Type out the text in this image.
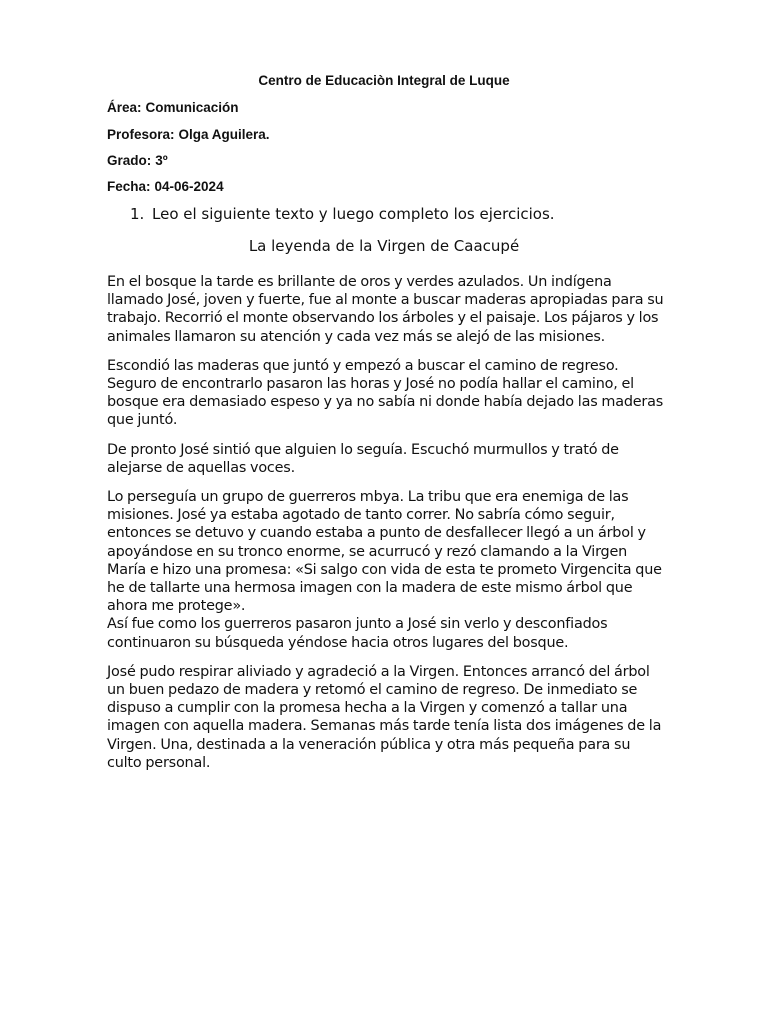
Centro de Educaciòn Integral de Luque
Área: Comunicación
Profesora: Olga Aguilera.
Grado: 3º
Fecha: 04-06-2024
1. Leo el siguiente texto y luego completo los ejercicios.
La leyenda de la Virgen de Caacupé

En el bosque la tarde es brillante de oros y verdes azulados. Un indígena llamado José, joven y fuerte, fue al monte a buscar maderas apropiadas para su trabajo. Recorrió el monte observando los árboles y el paisaje. Los pájaros y los animales llamaron su atención y cada vez más se alejó de las misiones.

Escondió las maderas que juntó y empezó a buscar el camino de regreso. Seguro de encontrarlo pasaron las horas y José no podía hallar el camino, el bosque era demasiado espeso y ya no sabía ni donde había dejado las maderas que juntó.

De pronto José sintió que alguien lo seguía. Escuchó murmullos y trató de alejarse de aquellas voces.

Lo perseguía un grupo de guerreros mbya. La tribu que era enemiga de las misiones. José ya estaba agotado de tanto correr. No sabría cómo seguir, entonces se detuvo y cuando estaba a punto de desfallecer llegó a un árbol y apoyándose en su tronco enorme, se acurrucó y rezó clamando a la Virgen María e hizo una promesa: «Si salgo con vida de esta te prometo Virgencita que he de tallarte una hermosa imagen con la madera de este mismo árbol que ahora me protege».

Así fue como los guerreros pasaron junto a José sin verlo y desconfiados continuaron su búsqueda yéndose hacia otros lugares del bosque.

José pudo respirar aliviado y agradeció a la Virgen. Entonces arrancó del árbol un buen pedazo de madera y retomó el camino de regreso. De inmediato se dispuso a cumplir con la promesa hecha a la Virgen y comenzó a tallar una imagen con aquella madera. Semanas más tarde tenía lista dos imágenes de la Virgen. Una, destinada a la veneración pública y otra más pequeña para su culto personal.
